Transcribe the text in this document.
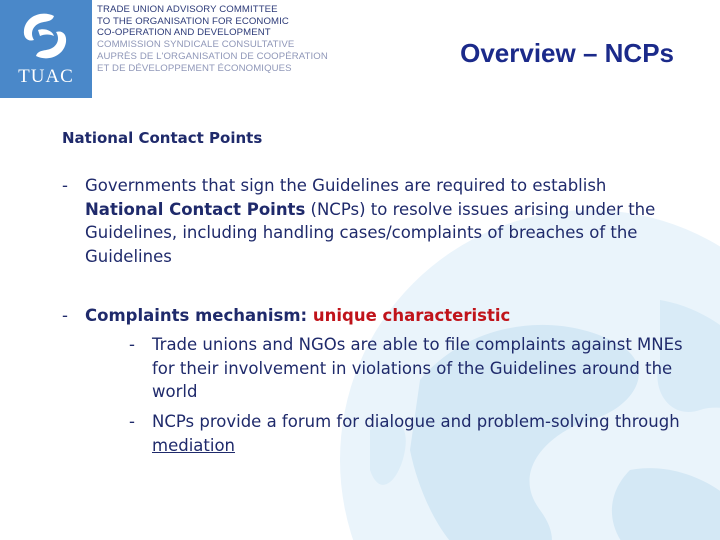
TUAC
TRADE UNION ADVISORY COMMITTEE
TO THE ORGANISATION FOR ECONOMIC
CO-OPERATION AND DEVELOPMENT
COMMISSION SYNDICALE CONSULTATIVE
AUPRÈS DE L'ORGANISATION DE COOPÉRATION
ET DE DÉVELOPPEMENT ÉCONOMIQUES
Overview – NCPs
National Contact Points
-	Governments that sign the Guidelines are required to establish National Contact Points (NCPs) to resolve issues arising under the Guidelines, including handling cases/complaints of breaches of the Guidelines
-	Complaints mechanism: unique characteristic
-	Trade unions and NGOs are able to file complaints against MNEs for their involvement in violations of the Guidelines around the world
-	NCPs provide a forum for dialogue and problem-solving through mediation
